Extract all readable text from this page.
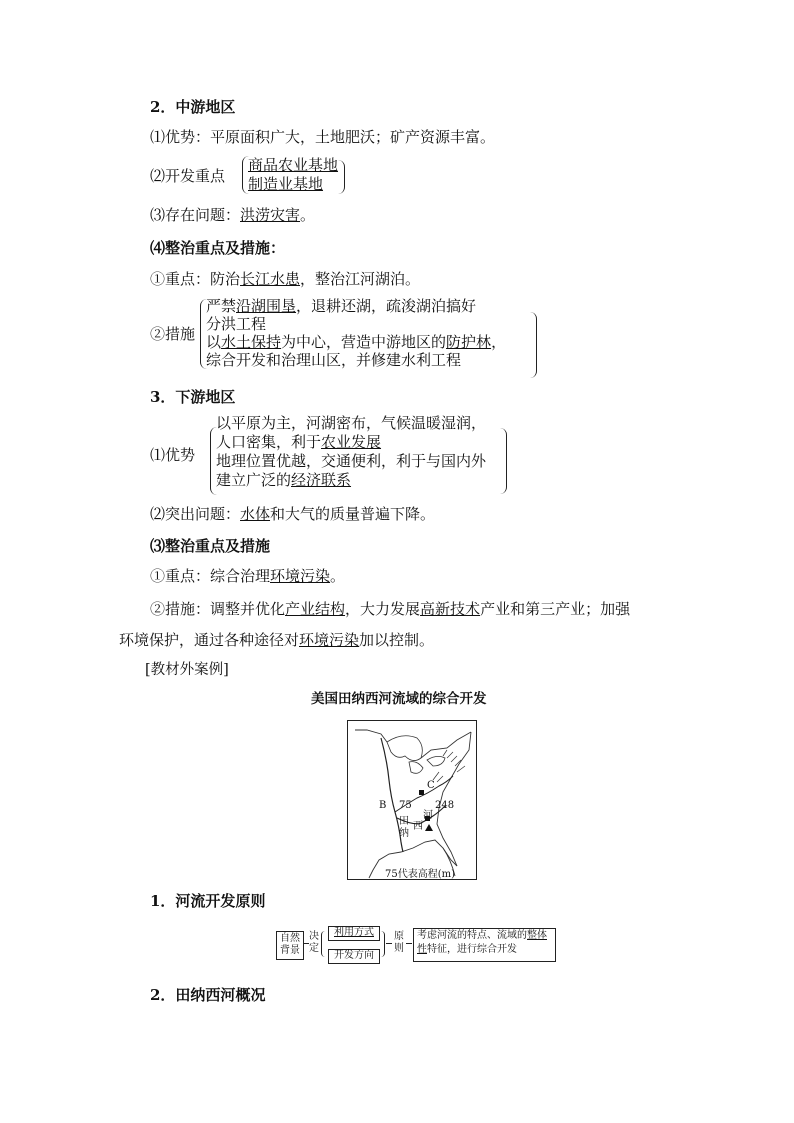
2．中游地区
⑴优势：平原面积广大，土地肥沃；矿产资源丰富。
⑵开发重点
商品农业基地
制造业基地
⑶存在问题：洪涝灾害。
⑷整治重点及措施：
①重点：防治长江水患，整治江河湖泊。
②措施
严禁沿湖围垦，退耕还湖，疏浚湖泊搞好
分洪工程
以水土保持为中心，营造中游地区的防护林，
综合开发和治理山区，并修建水利工程
3．下游地区
⑴优势
以平原为主，河湖密布，气候温暖湿润，
人口密集，利于农业发展
地理位置优越，交通便利，利于与国内外
建立广泛的经济联系
⑵突出问题：水体和大气的质量普遍下降。
⑶整治重点及措施
①重点：综合治理环境污染。
②措施：调整并优化产业结构，大力发展高新技术产业和第三产业；加强
环境保护，通过各种途径对环境污染加以控制。
[教材外案例]
美国田纳西河流域的综合开发
C
B 75 248
田
纳
西
河
75代表高程(m)
1．河流开发原则
自然背景
决定
利用方式
开发方向
原则
考虑河流的特点、流域的整体性特征，进行综合开发
2．田纳西河概况
